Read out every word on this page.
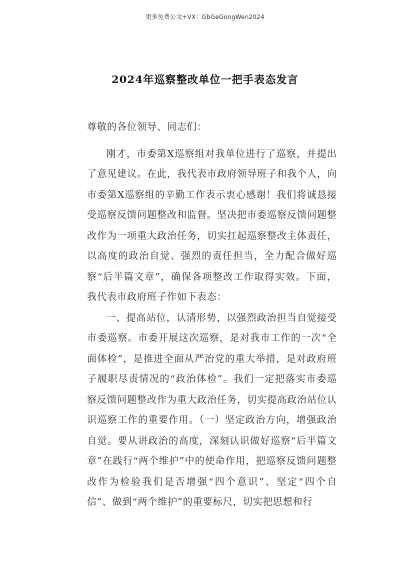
更多免费公文+VX：GbGeGongWen2024
2024年巡察整改单位一把手表态发言

尊敬的各位领导、同志们：

刚才，市委第X巡察组对我单位进行了巡察，并提出了意见建议。在此，我代表市政府领导班子和我个人，向市委第X巡察组的辛勤工作表示衷心感谢！我们将诚恳接受巡察反馈问题整改和监督。坚决把市委巡察反馈问题整改作为一项重大政治任务，切实扛起巡察整改主体责任，以高度的政治自觉、强烈的责任担当，全力配合做好巡察“后半篇文章”，确保各项整改工作取得实效。下面，我代表市政府班子作如下表态：

一、提高站位，认清形势，以强烈政治担当自觉接受市委巡察。市委开展这次巡察，是对我市工作的一次“全面体检”，是推进全面从严治党的重大举措，是对政府班子履职尽责情况的“政治体检”。我们一定把落实市委巡察反馈问题整改作为重大政治任务，切实提高政治站位认识巡察工作的重要作用。（一）坚定政治方向，增强政治自觉。要从讲政治的高度，深刻认识做好巡察“后半篇文章”在践行“两个维护”中的使命作用，把巡察反馈问题整改作为检验我们是否增强“四个意识”、坚定“四个自信”、做到“两个维护”的重要标尺，切实把思想和行
